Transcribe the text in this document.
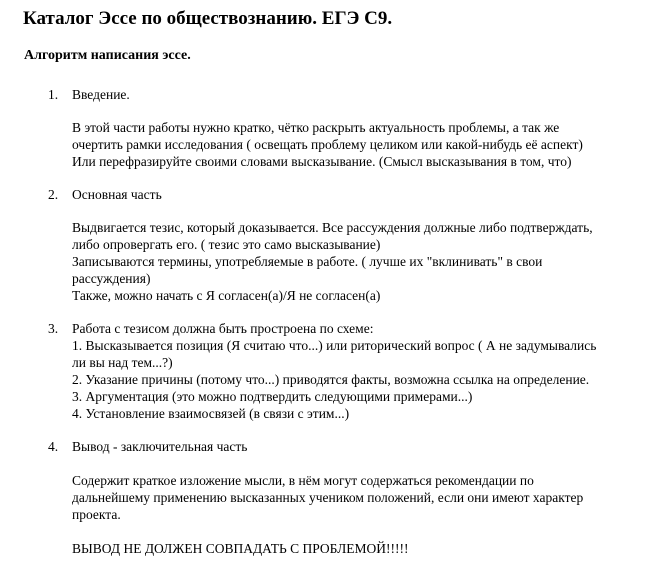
Каталог Эссе по обществознанию. ЕГЭ С9.
Алгоритм написания эссе.
1. Введение.
В этой части работы нужно кратко, чётко раскрыть актуальность проблемы, а так же
очертить рамки исследования ( освещать проблему целиком или какой-нибудь её аспект)
Или перефразируйте своими словами высказывание. (Смысл высказывания в том, что)
2. Основная часть
Выдвигается тезис, который доказывается. Все рассуждения должные либо подтверждать,
либо опровергать его. ( тезис это само высказывание)
Записываются термины, употребляемые в работе. ( лучше их "вклинивать" в свои
рассуждения)
Также, можно начать с Я согласен(а)/Я не согласен(а)
3. Работа с тезисом должна быть простроена по схеме:
1. Высказывается позиция (Я считаю что...) или риторический вопрос ( А не задумывались
ли вы над тем...?)
2. Указание причины (потому что...) приводятся факты, возможна ссылка на определение.
3. Аргументация (это можно подтвердить следующими примерами...)
4. Установление взаимосвязей (в связи с этим...)
4. Вывод - заключительная часть
Содержит краткое изложение мысли, в нём могут содержаться рекомендации по
дальнейшему применению высказанных учеником положений, если они имеют характер
проекта.
ВЫВОД НЕ ДОЛЖЕН СОВПАДАТЬ С ПРОБЛЕМОЙ!!!!!
